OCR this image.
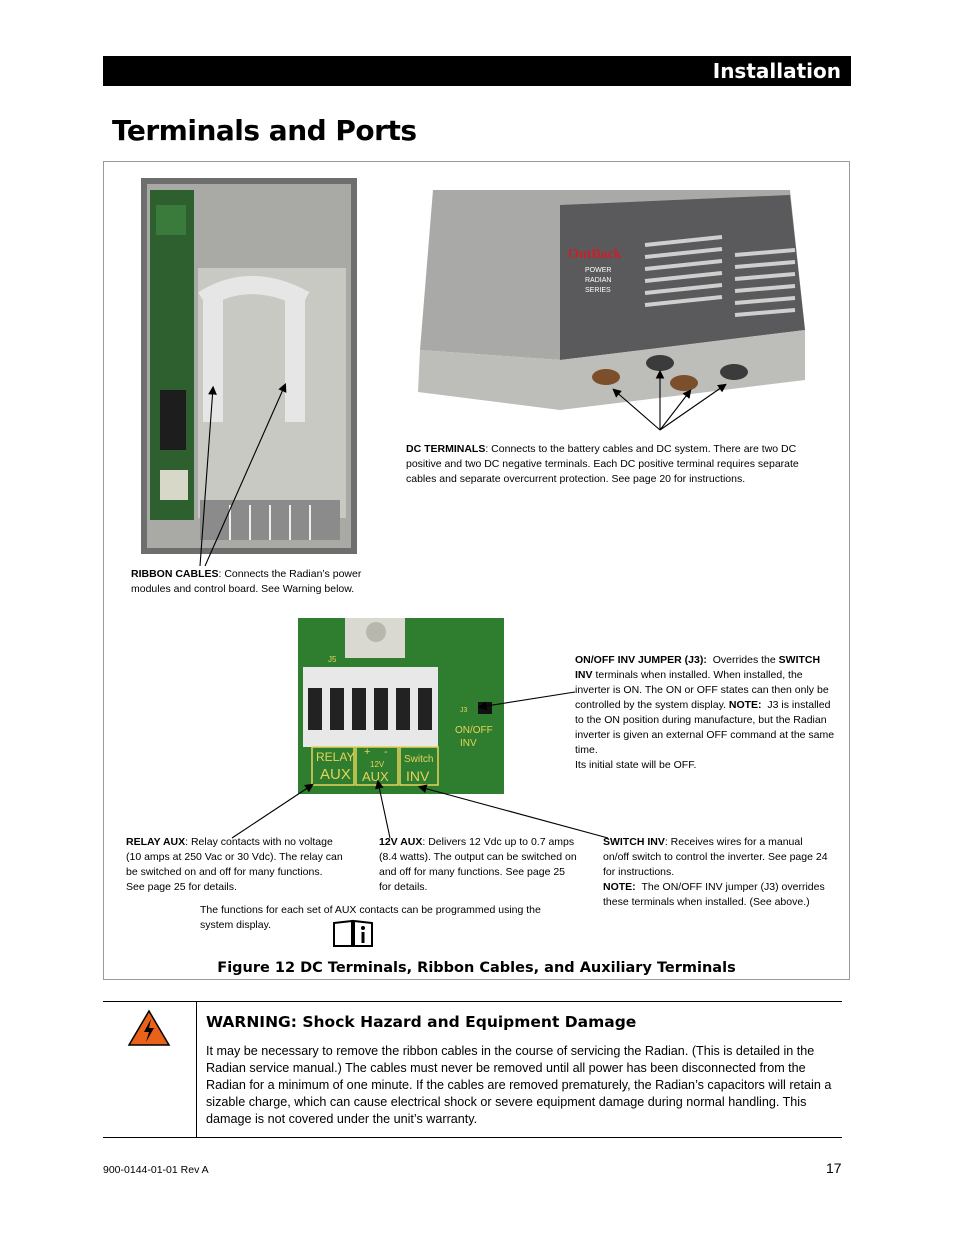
Installation
Terminals and Ports
OutBack
POWER
RADIAN
SERIES
J5
RELAY
AUX
+ -
12V
AUX
Switch
INV
J3
ON/OFF
INV
DC TERMINALS: Connects to the battery cables and DC system. There are two DC positive and two DC negative terminals. Each DC positive terminal requires separate cables and separate overcurrent protection. See page 20 for instructions.
RIBBON CABLES: Connects the Radian’s power modules and control board. See Warning below.
ON/OFF INV JUMPER (J3): Overrides the SWITCH INV terminals when installed. When installed, the inverter is ON. The ON or OFF states can then only be controlled by the system display. NOTE: J3 is installed to the ON position during manufacture, but the Radian inverter is given an external OFF command at the same time.
Its initial state will be OFF.
RELAY AUX: Relay contacts with no voltage (10 amps at 250 Vac or 30 Vdc). The relay can be switched on and off for many functions. See page 25 for details.
12V AUX: Delivers 12 Vdc up to 0.7 amps (8.4 watts). The output can be switched on and off for many functions. See page 25 for details.
SWITCH INV: Receives wires for a manual on/off switch to control the inverter. See page 24 for instructions.
NOTE: The ON/OFF INV jumper (J3) overrides these terminals when installed. (See above.)
The functions for each set of AUX contacts can be programmed using the system display.
Figure 12 DC Terminals, Ribbon Cables, and Auxiliary Terminals
WARNING: Shock Hazard and Equipment Damage
It may be necessary to remove the ribbon cables in the course of servicing the Radian. (This is detailed in the Radian service manual.) The cables must never be removed until all power has been disconnected from the Radian for a minimum of one minute. If the cables are removed prematurely, the Radian’s capacitors will retain a sizable charge, which can cause electrical shock or severe equipment damage during normal handling. This damage is not covered under the unit’s warranty.
900-0144-01-01 Rev A	17
